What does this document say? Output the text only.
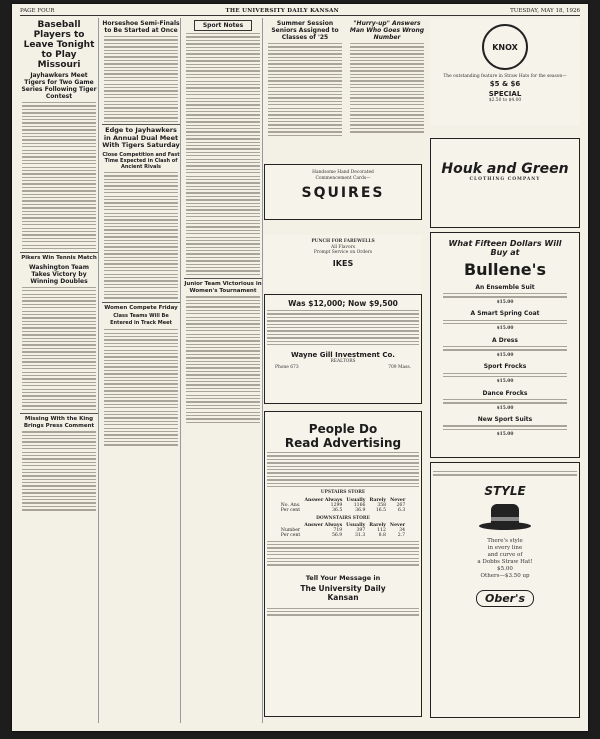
PAGE FOUR	THE UNIVERSITY DAILY KANSAN	TUESDAY, MAY 18, 1926
Baseball Players to Leave Tonight to Play Missouri
Jayhawkers Meet Tigers for Two Game Series Following Tiger Contest
Pikers Win Tennis Match
Washington Team Takes Victory by Winning Doubles
Missing With the King Brings Press Comment
Horseshoe Semi-Finals to Be Started at Once
Edge to Jayhawkers in Annual Dual Meet With Tigers Saturday
Close Competition and Fast Time Expected in Clash of Ancient Rivals
Women Compete Friday
Class Teams Will Be Entered in Track Meet
Sport Notes
Junior Team Victorious in Women's Tournament
Summer Session Seniors Assigned to Classes of '25
"Hurry-up" Answers Man Who Goes Wrong Number
Handsome Hand Decorated
Commencement Cards—
SQUIRES
PUNCH FOR FAREWELLS
All Flavors
Prompt Service on Orders
IKES
Was $12,000; Now $9,500
Wayne Gill Investment Co.
REALTORS
Phone 673	709 Mass.
People Do
Read Advertising
UPSTAIRS STORE
	Answer Always	Usually	Rarely	Never
No. Ans.	1299	1166	358	267
Per cent	36.5	36.9	16.5	6.3
DOWNSTAIRS STORE
	Answer Always	Usually	Rarely	Never
Number	719	397	112	34
Per cent	56.9	31.3	8.8	2.7
Tell Your Message in
The University Daily
Kansan
KNOX
The outstanding feature in Straw Hats for the season—
$5 & $6
SPECIAL
$2.50 to $4.00
Houk and Green
CLOTHING COMPANY
What Fifteen Dollars Will Buy at
Bullene's
An Ensemble Suit
$15.00
A Smart Spring Coat
$15.00
A Dress
$15.00
Sport Frocks
$15.00
Dance Frocks
$15.00
New Sport Suits
$15.00
STYLE
There's style
in every line
and curve of
a Dobbs Straw Hat!
$5.00
Others—$3.50 up
Ober's
